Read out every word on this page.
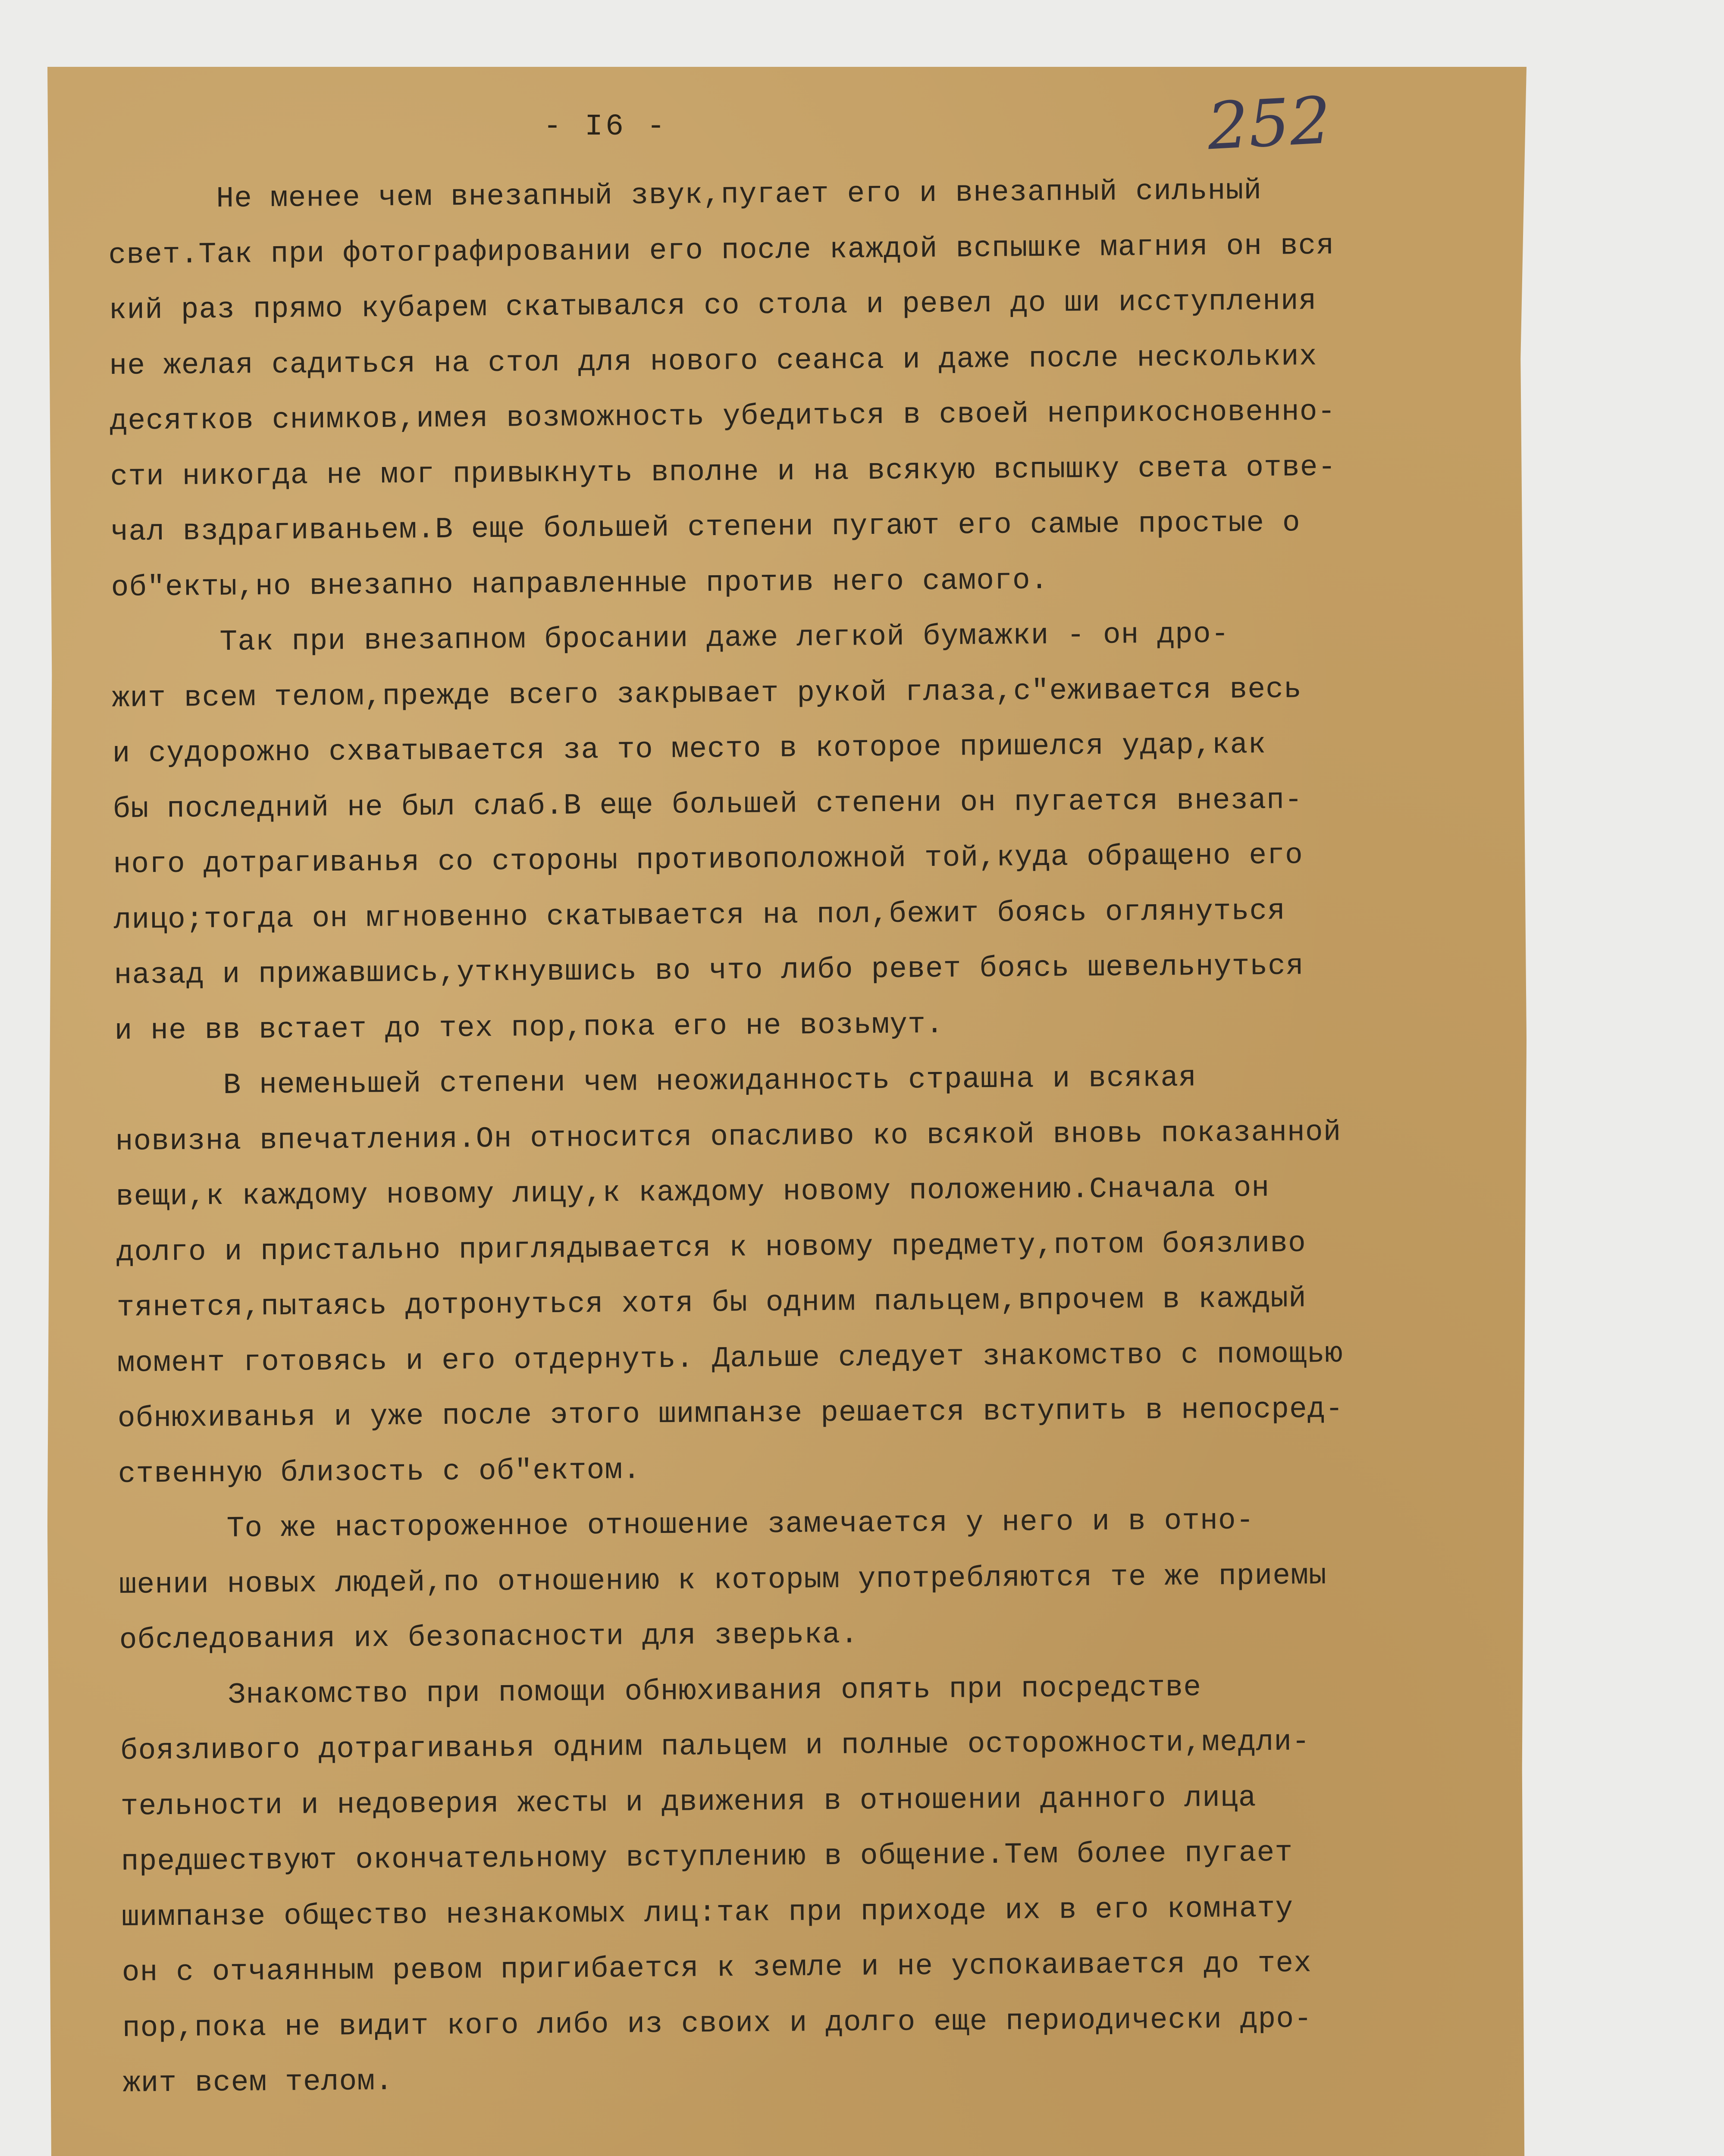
- I6 -	252
Не менее чем внезапный звук,пугает его и внезапный сильный
свет.Так при фотографировании его после каждой вспышке магния он вся
кий раз прямо кубарем скатывался со стола и ревел до ши исступления
не желая садиться на стол для нового сеанса и даже после нескольких
десятков снимков,имея возможность убедиться в своей неприкосновенно-
сти никогда не мог привыкнуть вполне и на всякую вспышку света отве-
чал вздрагиваньем.В еще большей степени пугают его самые простые о
об"екты,но внезапно направленные против него самого.
Так при внезапном бросании даже легкой бумажки - он дро-
жит всем телом,прежде всего закрывает рукой глаза,с"еживается весь
и судорожно схватывается за то место в которое пришелся удар,как
бы последний не был слаб.В еще большей степени он пугается внезап-
ного дотрагиванья со стороны противоположной той,куда обращено его
лицо;тогда он мгновенно скатывается на пол,бежит боясь оглянуться
назад и прижавшись,уткнувшись во что либо ревет боясь шевельнуться
и не вв встает до тех пор,пока его не возьмут.
В неменьшей степени чем неожиданность страшна и всякая
новизна впечатления.Он относится опасливо ко всякой вновь показанной
вещи,к каждому новому лицу,к каждому новому положению.Сначала он
долго и пристально приглядывается к новому предмету,потом боязливо
тянется,пытаясь дотронуться хотя бы одним пальцем,впрочем в каждый
момент готовясь и его отдернуть. Дальше следует знакомство с помощью
обнюхиванья и уже после этого шимпанзе решается вступить в непосред-
ственную близость с об"ектом.
То же настороженное отношение замечается у него и в отно-
шении новых людей,по отношению к которым употребляются те же приемы
обследования их безопасности для зверька.
Знакомство при помощи обнюхивания опять при посредстве
боязливого дотрагиванья одним пальцем и полные осторожности,медли-
тельности и недоверия жесты и движения в отношении данного лица
предшествуют окончательному вступлению в общение.Тем более пугает
шимпанзе общество незнакомых лиц:так при приходе их в его комнату
он с отчаянным ревом пригибается к земле и не успокаивается до тех
пор,пока не видит кого либо из своих и долго еще периодически дро-
жит всем телом.
